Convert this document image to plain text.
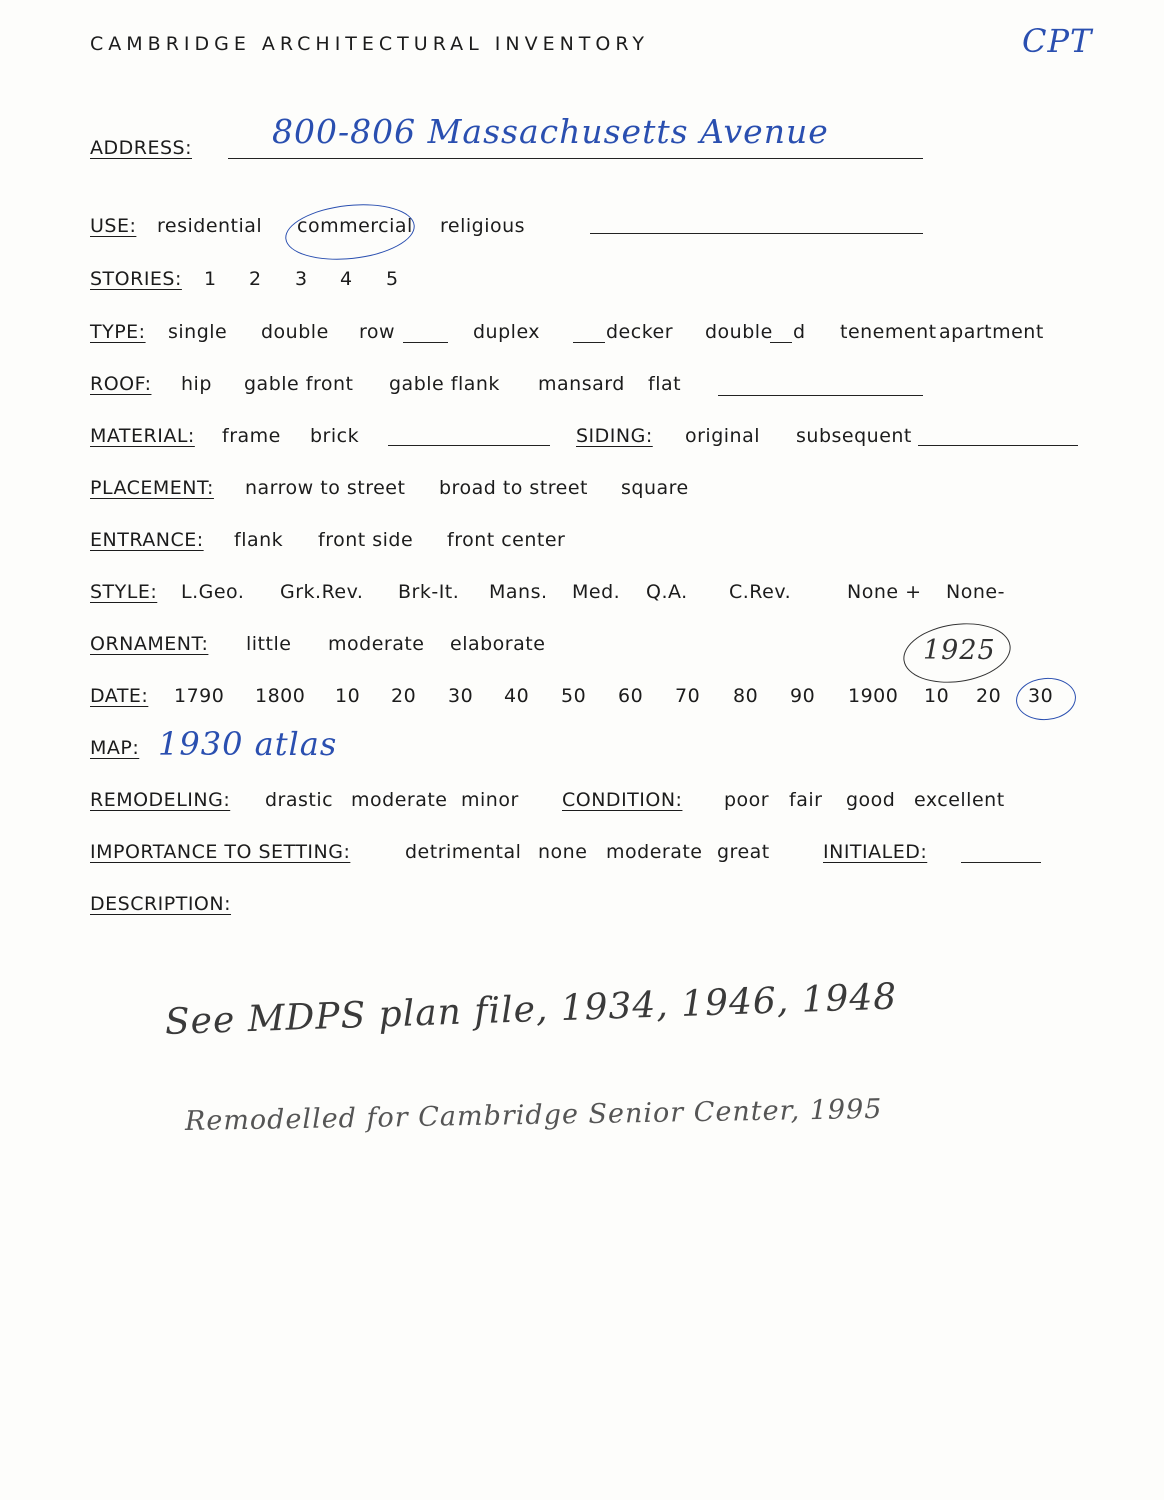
CAMBRIDGE ARCHITECTURAL INVENTORY	CPT
ADDRESS: 800-806 Massachusetts Avenue
USE: residential commercial religious
STORIES: 1 2 3 4 5
TYPE: single double row	duplex	decker double d tenement apartment
ROOF: hip gable front gable flank mansard flat
MATERIAL: frame brick	SIDING: original subsequent
PLACEMENT: narrow to street broad to street square
ENTRANCE: flank front side front center
STYLE: L.Geo. Grk.Rev. Brk-It. Mans. Med. Q.A. C.Rev.	None + None-
ORNAMENT: little moderate elaborate	1925
DATE: 1790 1800 10 20 30 40 50 60 70 80 90 1900 10 20 30
MAP: 1930 atlas
REMODELING: drastic moderate minor CONDITION: poor fair good excellent
IMPORTANCE TO SETTING:	detrimental none moderate great	INITIALED:
DESCRIPTION:
See MDPS plan file, 1934, 1946, 1948
Remodelled for Cambridge Senior Center, 1995
